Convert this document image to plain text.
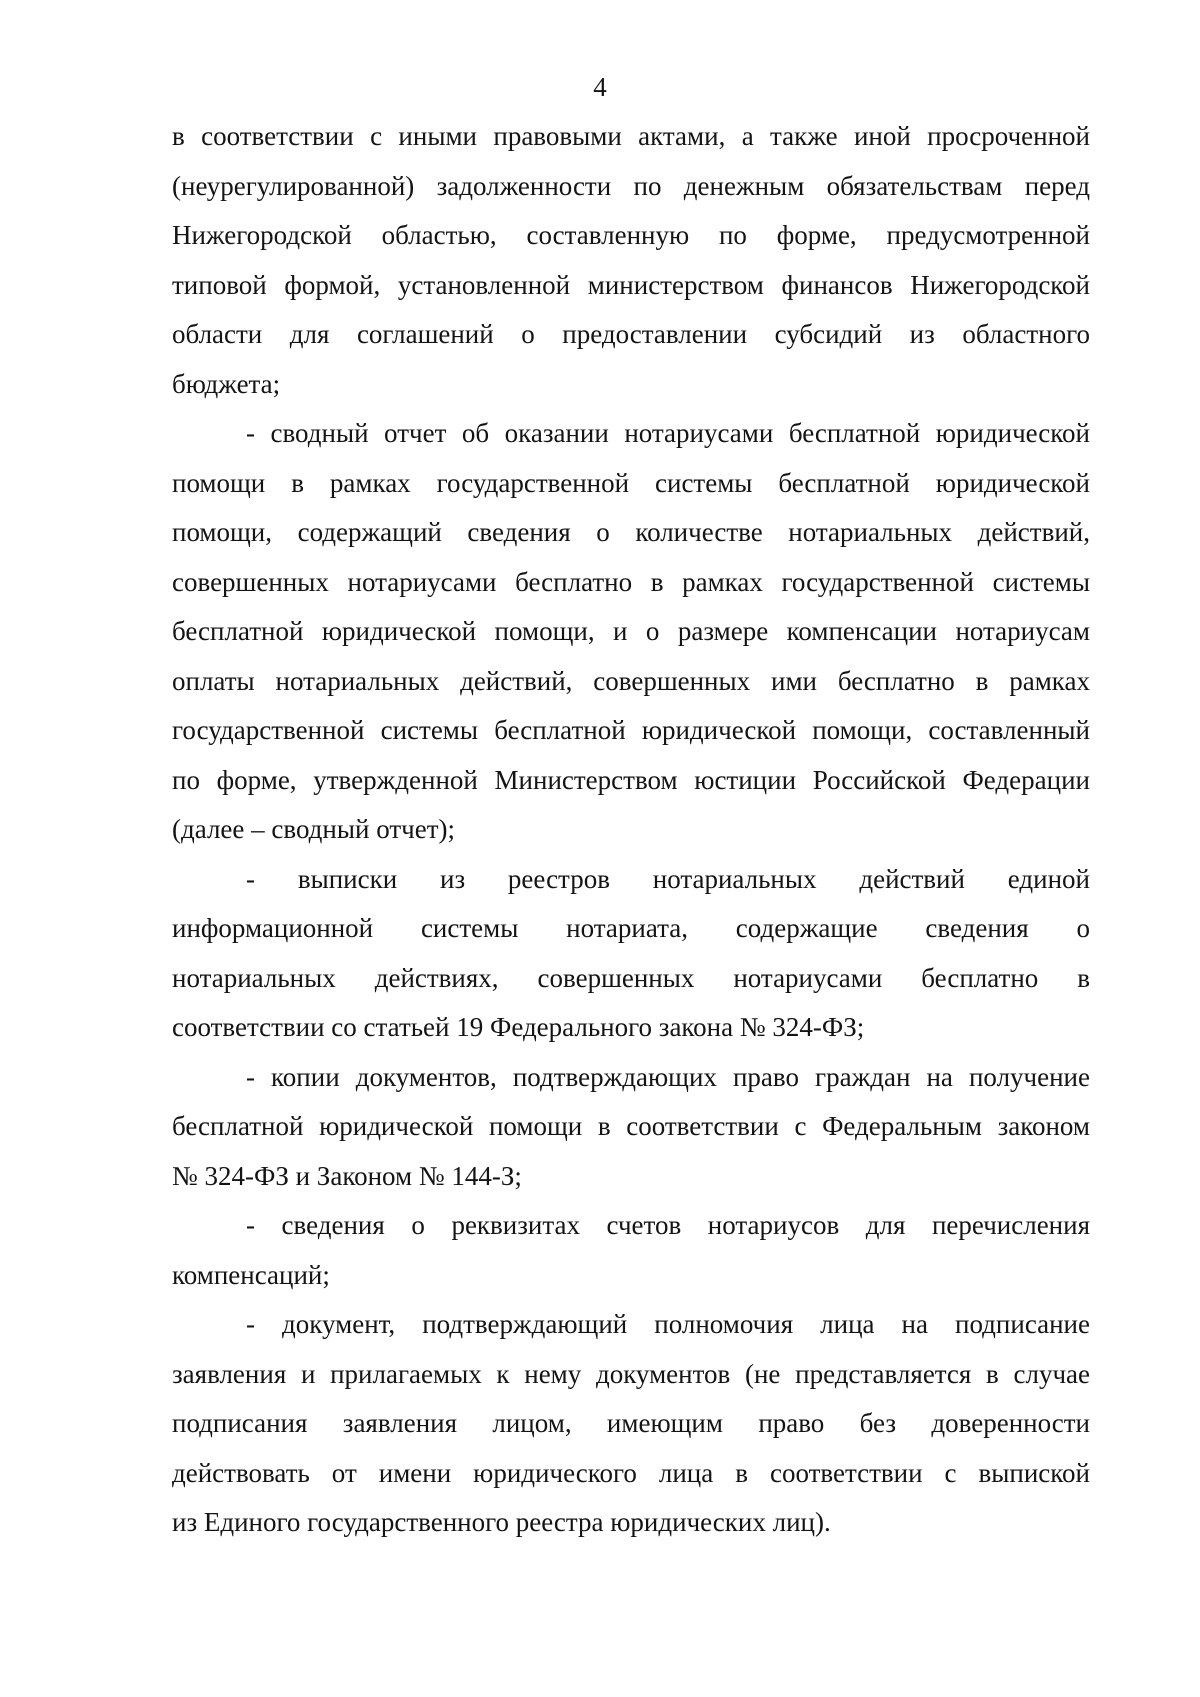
4
в соответствии с иными правовыми актами, а также иной просроченной
(неурегулированной) задолженности по денежным обязательствам перед
Нижегородской областью, составленную по форме, предусмотренной
типовой формой, установленной министерством финансов Нижегородской
области для соглашений о предоставлении субсидий из областного
бюджета;
- сводный отчет об оказании нотариусами бесплатной юридической
помощи в рамках государственной системы бесплатной юридической
помощи, содержащий сведения о количестве нотариальных действий,
совершенных нотариусами бесплатно в рамках государственной системы
бесплатной юридической помощи, и о размере компенсации нотариусам
оплаты нотариальных действий, совершенных ими бесплатно в рамках
государственной системы бесплатной юридической помощи, составленный
по форме, утвержденной Министерством юстиции Российской Федерации
(далее – сводный отчет);
- выписки из реестров нотариальных действий единой
информационной системы нотариата, содержащие сведения о
нотариальных действиях, совершенных нотариусами бесплатно в
соответствии со статьей 19 Федерального закона № 324-ФЗ;
- копии документов, подтверждающих право граждан на получение
бесплатной юридической помощи в соответствии с Федеральным законом
№ 324-ФЗ и Законом № 144-З;
- сведения о реквизитах счетов нотариусов для перечисления
компенсаций;
- документ, подтверждающий полномочия лица на подписание
заявления и прилагаемых к нему документов (не представляется в случае
подписания заявления лицом, имеющим право без доверенности
действовать от имени юридического лица в соответствии с выпиской
из Единого государственного реестра юридических лиц).
